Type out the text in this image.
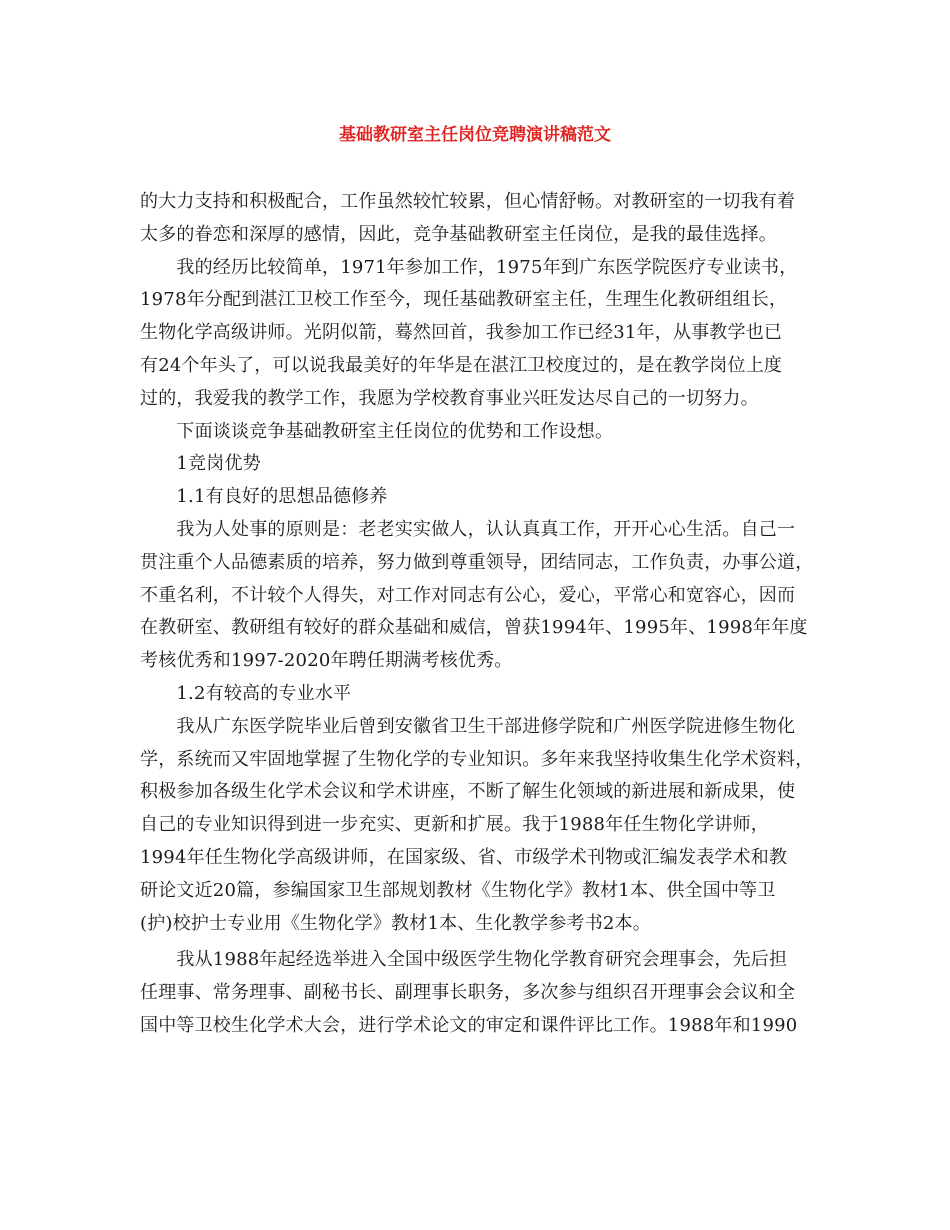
基础教研室主任岗位竞聘演讲稿范文
的大力支持和积极配合，工作虽然较忙较累，但心情舒畅。对教研室的一切我有着
太多的眷恋和深厚的感情，因此，竞争基础教研室主任岗位，是我的最佳选择。
　　我的经历比较简单，1971年参加工作，1975年到广东医学院医疗专业读书，
1978年分配到湛江卫校工作至今，现任基础教研室主任，生理生化教研组组长，
生物化学高级讲师。光阴似箭，蓦然回首，我参加工作已经31年，从事教学也已
有24个年头了，可以说我最美好的年华是在湛江卫校度过的，是在教学岗位上度
过的，我爱我的教学工作，我愿为学校教育事业兴旺发达尽自己的一切努力。
　　下面谈谈竞争基础教研室主任岗位的优势和工作设想。
　　1竞岗优势
　　1.1有良好的思想品德修养
　　我为人处事的原则是：老老实实做人，认认真真工作，开开心心生活。自己一
贯注重个人品德素质的培养，努力做到尊重领导，团结同志，工作负责，办事公道，
不重名利，不计较个人得失，对工作对同志有公心，爱心，平常心和宽容心，因而
在教研室、教研组有较好的群众基础和威信，曾获1994年、1995年、1998年年度
考核优秀和1997-2020年聘任期满考核优秀。
　　1.2有较高的专业水平
　　我从广东医学院毕业后曾到安徽省卫生干部进修学院和广州医学院进修生物化
学，系统而又牢固地掌握了生物化学的专业知识。多年来我坚持收集生化学术资料，
积极参加各级生化学术会议和学术讲座，不断了解生化领域的新进展和新成果，使
自己的专业知识得到进一步充实、更新和扩展。我于1988年任生物化学讲师，
1994年任生物化学高级讲师，在国家级、省、市级学术刊物或汇编发表学术和教
研论文近20篇，参编国家卫生部规划教材《生物化学》教材1本、供全国中等卫
(护)校护士专业用《生物化学》教材1本、生化教学参考书2本。
　　我从1988年起经选举进入全国中级医学生物化学教育研究会理事会，先后担
任理事、常务理事、副秘书长、副理事长职务，多次参与组织召开理事会会议和全
国中等卫校生化学术大会，进行学术论文的审定和课件评比工作。1988年和1990
